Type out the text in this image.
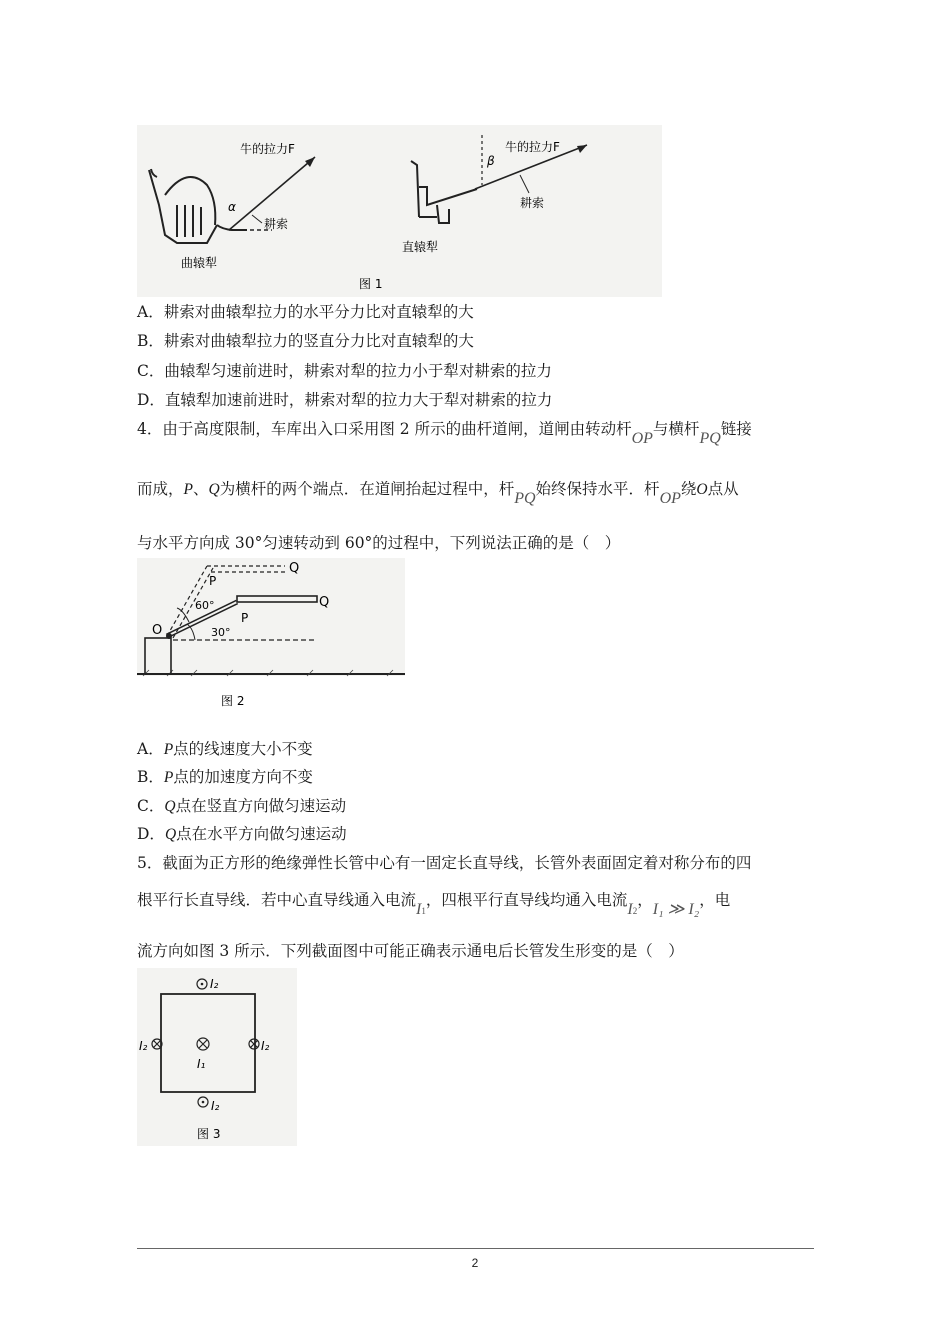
牛的拉力F
α
耕索
曲辕犁
牛的拉力F
β
耕索
直辕犁
图 1
A．耕索对曲辕犁拉力的水平分力比对直辕犁的大
B．耕索对曲辕犁拉力的竖直分力比对直辕犁的大
C．曲辕犁匀速前进时，耕索对犁的拉力小于犁对耕索的拉力
D．直辕犁加速前进时，耕索对犁的拉力大于犁对耕索的拉力
4．由于高度限制，车库出入口采用图 2 所示的曲杆道闸，道闸由转动杆OP与横杆PQ链接
而成，P、Q为横杆的两个端点．在道闸抬起过程中，杆PQ始终保持水平．杆OP绕O点从
与水平方向成 30°匀速转动到 60°的过程中，下列说法正确的是（　）
O
P
P
Q
Q
60°
30°
图 2
A．P点的线速度大小不变
B．P点的加速度方向不变
C．Q点在竖直方向做匀速运动
D．Q点在水平方向做匀速运动
5．截面为正方形的绝缘弹性长管中心有一固定长直导线，长管外表面固定着对称分布的四
根平行长直导线．若中心直导线通入电流I1，四根平行直导线均通入电流I2，I₁ ≫ I₂，电
流方向如图 3 所示．下列截面图中可能正确表示通电后长管发生形变的是（　）
I₂
I₂
I₂	I₂
I₁
图 3
2
